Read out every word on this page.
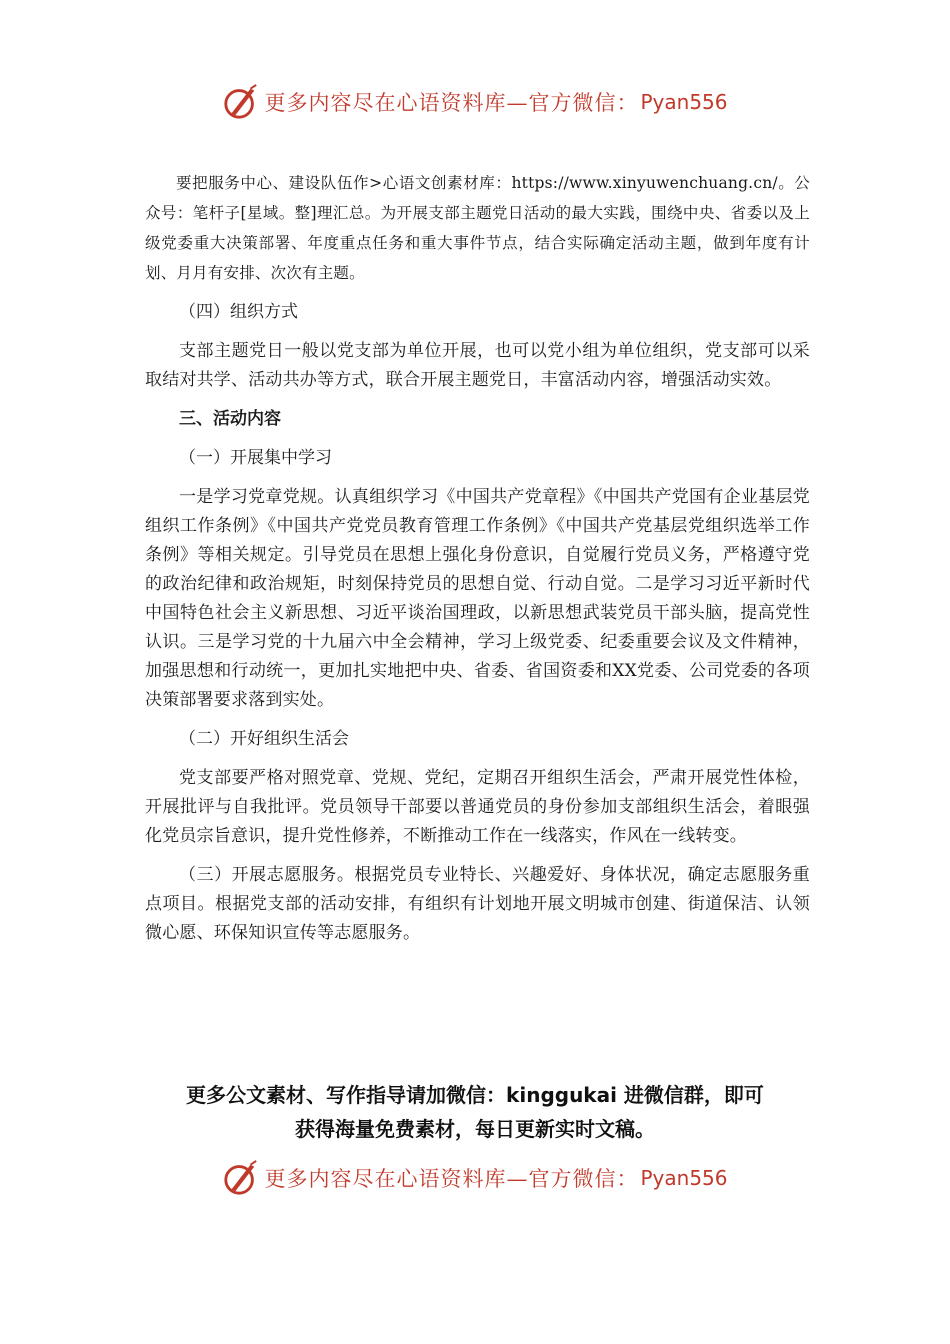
更多内容尽在心语资料库—官方微信： Pyan556

要把服务中心、建设队伍作>心语文创素材库：https://www.xinyuwenchuang.cn/。公众号：笔杆子[星域。整]理汇总。为开展支部主题党日活动的最大实践，围绕中央、省委以及上级党委重大决策部署、年度重点任务和重大事件节点，结合实际确定活动主题，做到年度有计划、月月有安排、次次有主题。

（四）组织方式

支部主题党日一般以党支部为单位开展，也可以党小组为单位组织，党支部可以采取结对共学、活动共办等方式，联合开展主题党日，丰富活动内容，增强活动实效。

三、活动内容

（一）开展集中学习

一是学习党章党规。认真组织学习《中国共产党章程》《中国共产党国有企业基层党组织工作条例》《中国共产党党员教育管理工作条例》《中国共产党基层党组织选举工作条例》等相关规定。引导党员在思想上强化身份意识，自觉履行党员义务，严格遵守党的政治纪律和政治规矩，时刻保持党员的思想自觉、行动自觉。二是学习习近平新时代中国特色社会主义新思想、习近平谈治国理政，以新思想武装党员干部头脑，提高党性认识。三是学习党的十九届六中全会精神，学习上级党委、纪委重要会议及文件精神，加强思想和行动统一，更加扎实地把中央、省委、省国资委和XX党委、公司党委的各项决策部署要求落到实处。

（二）开好组织生活会

党支部要严格对照党章、党规、党纪，定期召开组织生活会，严肃开展党性体检，开展批评与自我批评。党员领导干部要以普通党员的身份参加支部组织生活会，着眼强化党员宗旨意识，提升党性修养，不断推动工作在一线落实，作风在一线转变。

（三）开展志愿服务。根据党员专业特长、兴趣爱好、身体状况，确定志愿服务重点项目。根据党支部的活动安排，有组织有计划地开展文明城市创建、街道保洁、认领微心愿、环保知识宣传等志愿服务。

更多公文素材、写作指导请加微信：kinggukai 进微信群，即可
获得海量免费素材，每日更新实时文稿。
更多内容尽在心语资料库—官方微信： Pyan556
